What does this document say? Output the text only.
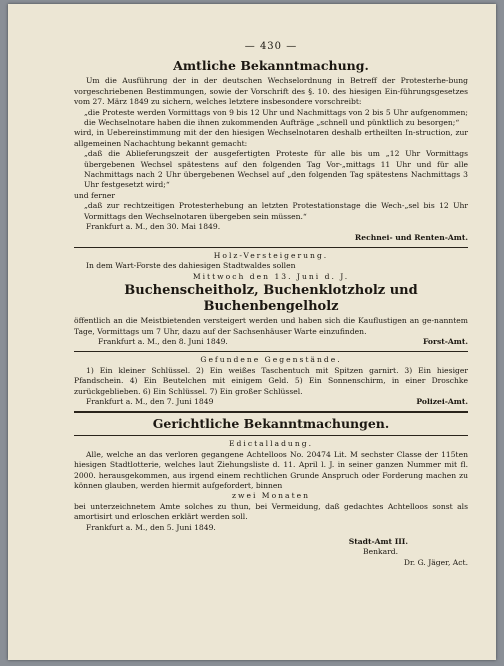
— 430 —
Amtliche Bekanntmachung.

Um die Ausführung der in der deutschen Wechselordnung in Betreff der Protesterhe-bung vorgeschriebenen Bestimmungen, sowie der Vorschrift des §. 10. des hiesigen Ein-führungsgesetzes vom 27. März 1849 zu sichern, welches letztere insbesondere vorschreibt:

„die Proteste werden Vormittags von 9 bis 12 Uhr und Nachmittags von 2 bis 5 Uhr aufgenommen; die Wechselnotare haben die ihnen zukommenden Aufträge „schnell und pünktlich zu besorgen;“

wird, in Uebereinstimmung mit der den hiesigen Wechselnotaren deshalb ertheilten In-struction, zur allgemeinen Nachachtung bekannt gemacht:

„daß die Ablieferungszeit der ausgefertigten Proteste für alle bis um „12 Uhr Vormittags übergebenen Wechsel spätestens auf den folgenden Tag Vor-„mittags 11 Uhr und für alle Nachmittags nach 2 Uhr übergebenen Wechsel auf „den folgenden Tag spätestens Nachmittags 3 Uhr festgesetzt wird;“

und ferner

„daß zur rechtzeitigen Protesterhebung an letzten Protestationstage die Wech-„sel bis 12 Uhr Vormittags den Wechselnotaren übergeben sein müssen.“

Frankfurt a. M., den 30. Mai 1849.

Rechnei- und Renten-Amt.

Holz-Versteigerung.

In dem Wart-Forste des dahiesigen Stadtwaldes sollen

Mittwoch den 13. Juni d. J.

Buchenscheitholz, Buchenklotzholz und Buchenbengelholz

öffentlich an die Meistbietenden versteigert werden und haben sich die Kauflustigen an ge-nanntem Tage, Vormittags um 7 Uhr, dazu auf der Sachsenhäuser Warte einzufinden.

Frankfurt a. M., den 8. Juni 1849.	Forst-Amt.
Gefundene Gegenstände.

1) Ein kleiner Schlüssel. 2) Ein weißes Taschentuch mit Spitzen garnirt. 3) Ein hiesiger Pfandschein. 4) Ein Beutelchen mit einigem Geld. 5) Ein Sonnenschirm, in einer Droschke zurückgeblieben. 6) Ein Schlüssel. 7) Ein großer Schlüssel.

Frankfurt a. M., den 7. Juni 1849	Polizei-Amt.
Gerichtliche Bekanntmachungen.
Edictalladung.

Alle, welche an das verloren gegangene Achtelloos No. 20474 Lit. M sechster Classe der 115ten hiesigen Stadtlotterie, welches laut Ziehungsliste d. 11. April l. J. in seiner ganzen Nummer mit fl. 2000. herausgekommen, aus irgend einem rechtlichen Grunde Anspruch oder Forderung machen zu können glauben, werden hiermit aufgefordert, binnen

zwei Monaten

bei unterzeichnetem Amte solches zu thun, bei Vermeidung, daß gedachtes Achtelloos sonst als amortisirt und erloschen erklärt werden soll.

Frankfurt a. M., den 5. Juni 1849.

Stadt-Amt III.

Benkard.

Dr. G. Jäger, Act.
